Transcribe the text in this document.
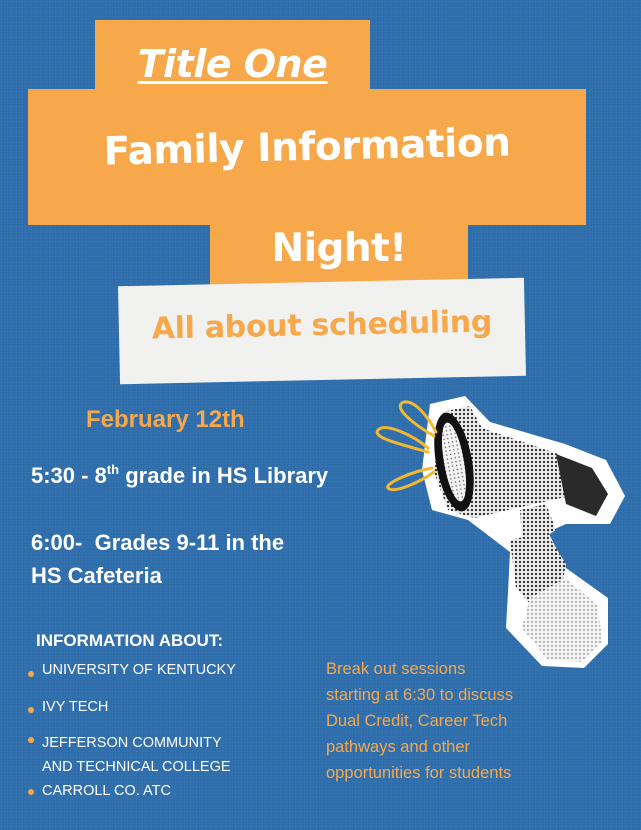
Title One
Family Information
Night!
All about scheduling
February 12th
5:30 - 8th grade in HS Library
6:00-  Grades 9-11 in the
HS Cafeteria
INFORMATION ABOUT:
UNIVERSITY OF KENTUCKY
IVY TECH
JEFFERSON COMMUNITY
AND TECHNICAL COLLEGE
CARROLL CO. ATC
Break out sessions
starting at 6:30 to discuss
Dual Credit, Career Tech
pathways and other
opportunities for students
